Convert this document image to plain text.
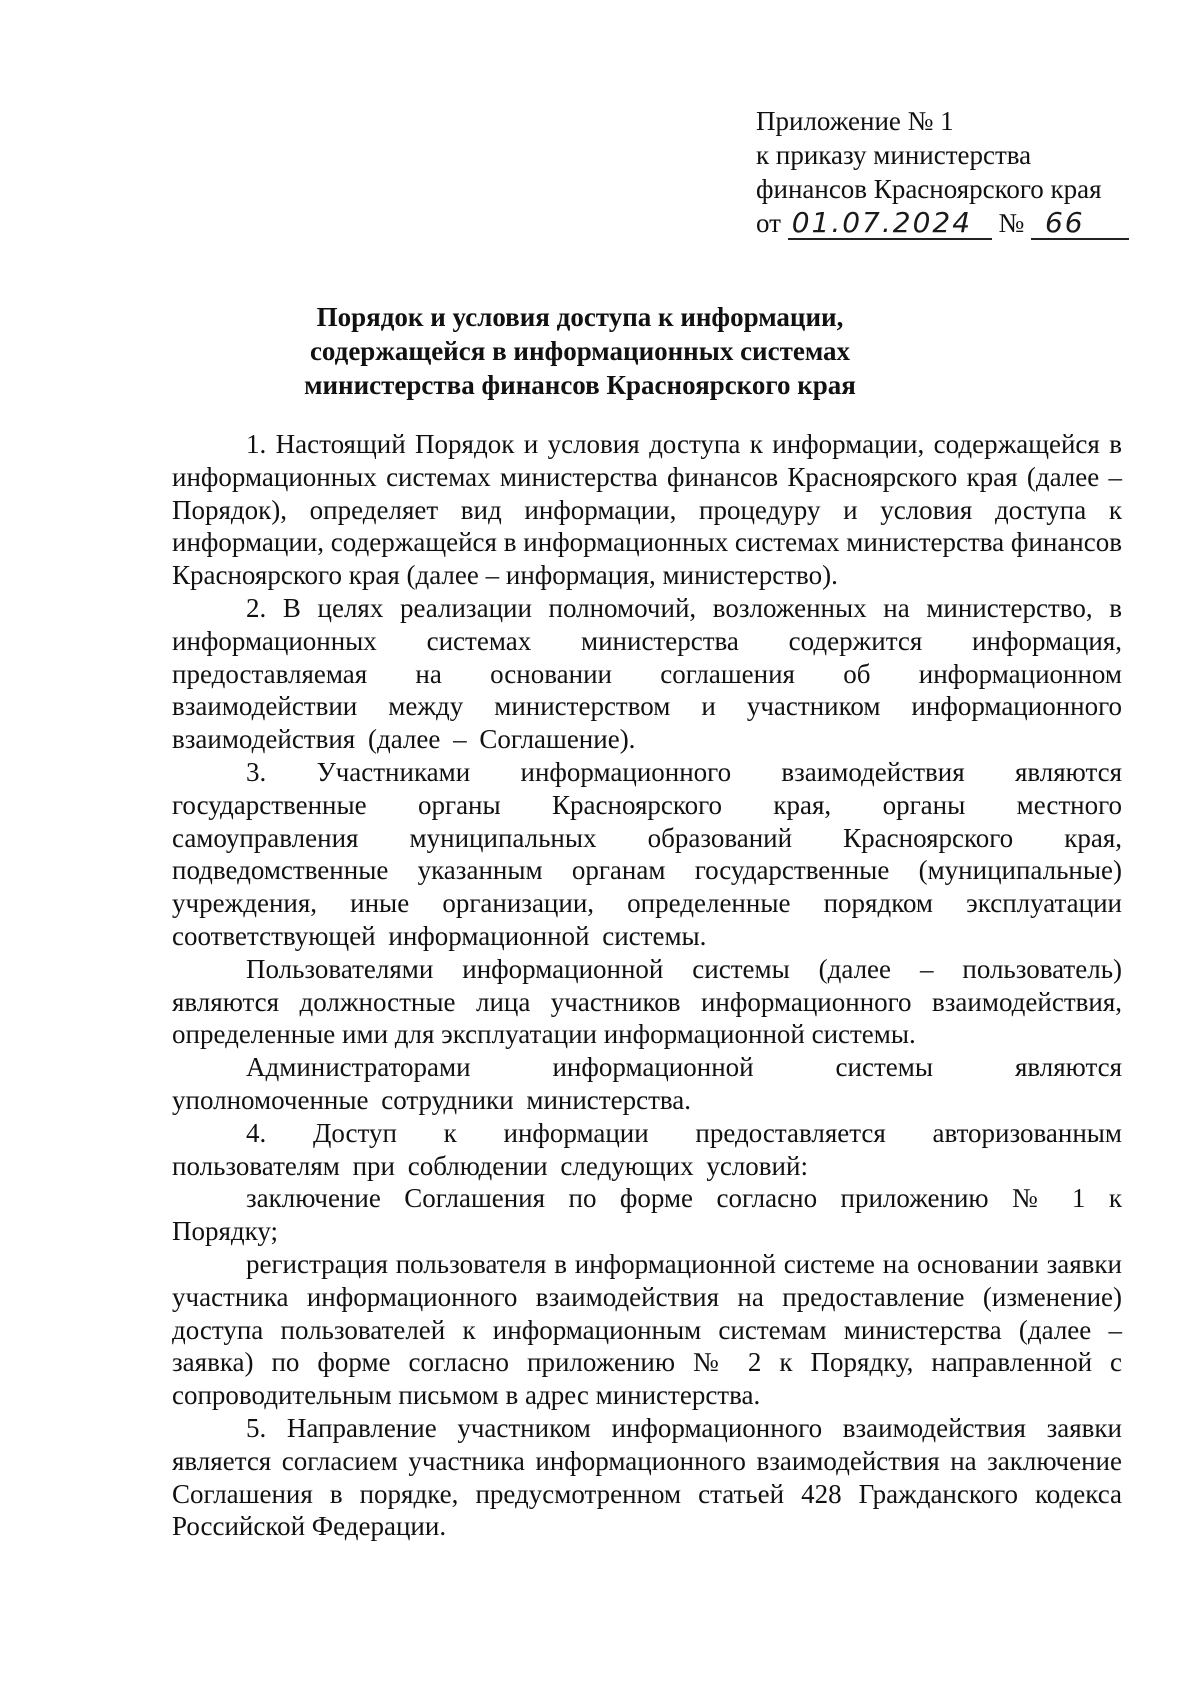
Приложение № 1
к приказу министерства
финансов Красноярского края
от 01.07.2024 № 66
Порядок и условия доступа к информации,
содержащейся в информационных системах
министерства финансов Красноярского края

1. Настоящий Порядок и условия доступа к информации, содержащейся в информационных системах министерства финансов Красноярского края (далее – Порядок), определяет вид информации, процедуру и условия доступа к информации, содержащейся в информационных системах министерства финансов Красноярского края (далее – информация, министерство).

2. В целях реализации полномочий, возложенных на министерство, в информационных системах министерства содержится информация, предоставляемая на основании соглашения об информационном взаимодействии между министерством и участником информационного взаимодействия (далее – Соглашение).

3. Участниками информационного взаимодействия являются государственные органы Красноярского края, органы местного самоуправления муниципальных образований Красноярского края, подведомственные указанным органам государственные (муниципальные) учреждения, иные организации, определенные порядком эксплуатации соответствующей информационной системы.

Пользователями информационной системы (далее – пользователь) являются должностные лица участников информационного взаимодействия, определенные ими для эксплуатации информационной системы.

Администраторами информационной системы являются уполномоченные сотрудники министерства.

4. Доступ к информации предоставляется авторизованным пользователям при соблюдении следующих условий:

заключение Соглашения по форме согласно приложению № 1 к Порядку;

регистрация пользователя в информационной системе на основании заявки участника информационного взаимодействия на предоставление (изменение) доступа пользователей к информационным системам министерства (далее – заявка) по форме согласно приложению № 2 к Порядку, направленной с сопроводительным письмом в адрес министерства.

5. Направление участником информационного взаимодействия заявки является согласием участника информационного взаимодействия на заключение Соглашения в порядке, предусмотренном статьей 428 Гражданского кодекса Российской Федерации.
